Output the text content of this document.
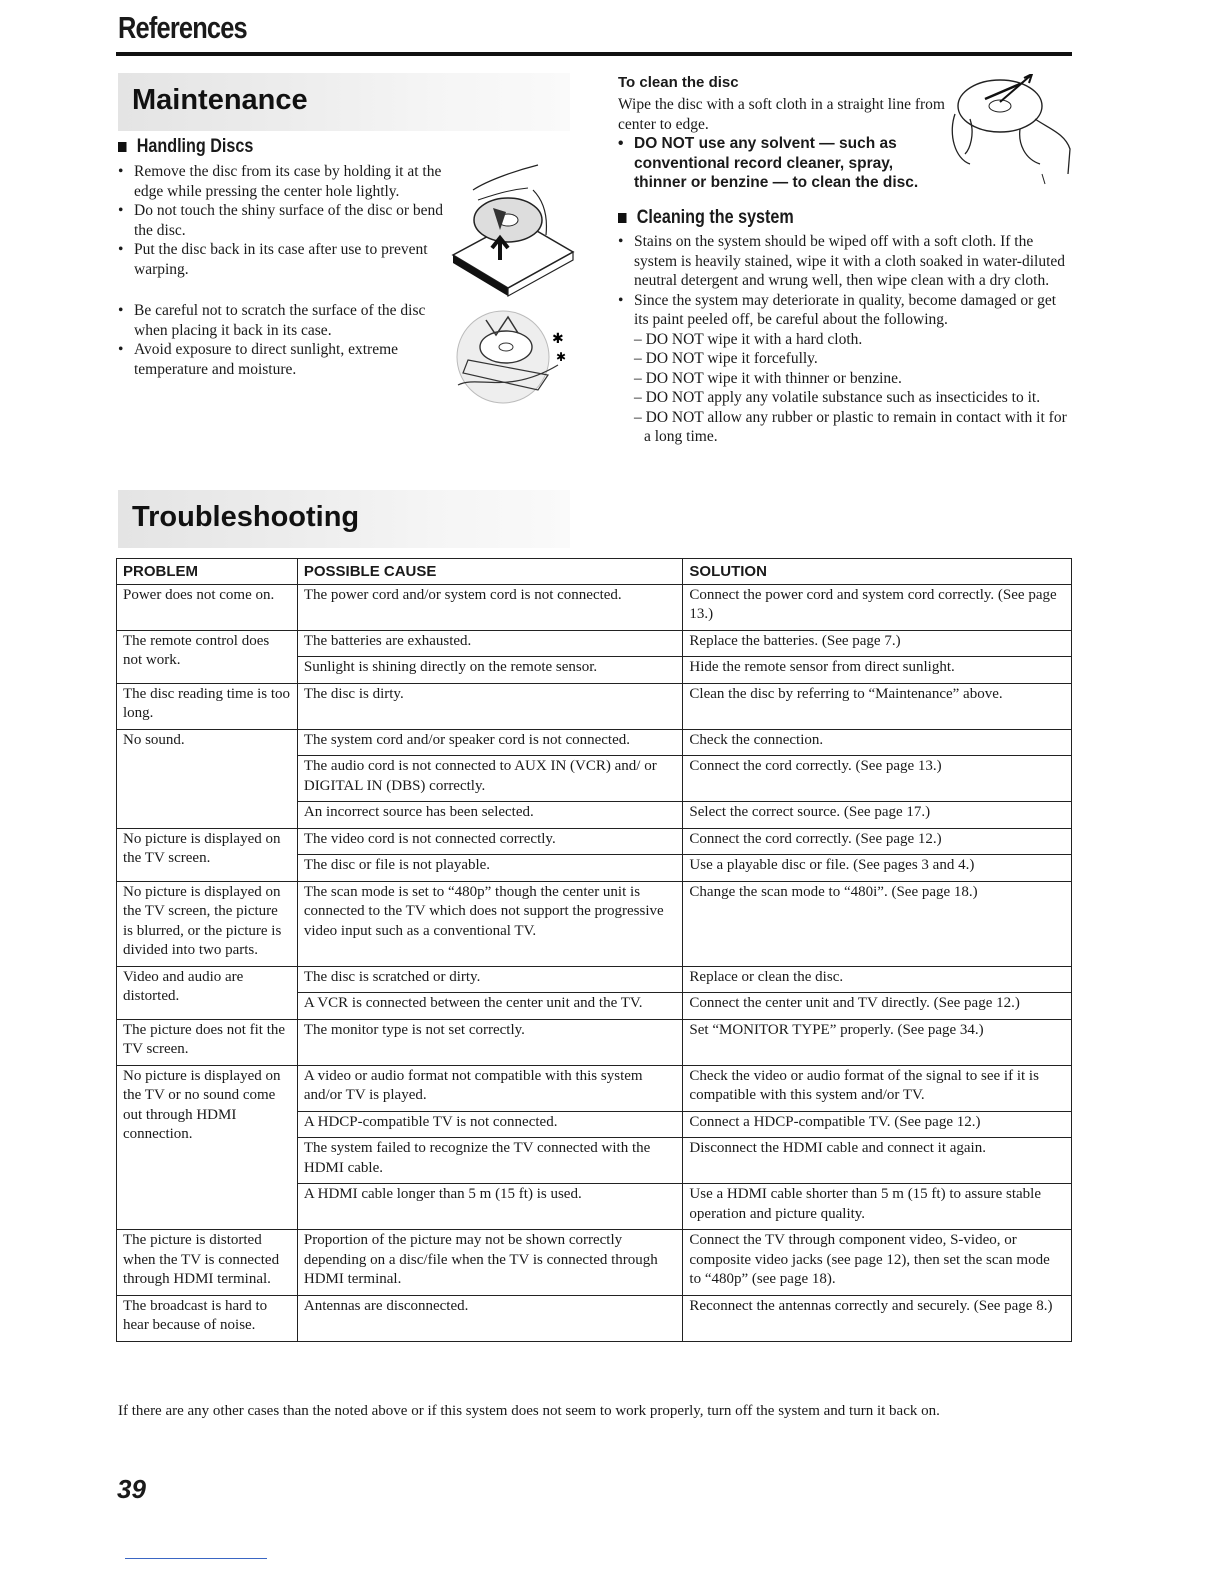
References
Maintenance
Handling Discs
• Remove the disc from its case by holding it at the edge while pressing the center hole lightly.
• Do not touch the shiny surface of the disc or bend the disc.
• Put the disc back in its case after use to prevent warping.
• Be careful not to scratch the surface of the disc when placing it back in its case.
• Avoid exposure to direct sunlight, extreme temperature and moisture.
✱
✱
To clean the disc
Wipe the disc with a soft cloth in a straight line from center to edge.
• DO NOT use any solvent — such as conventional record cleaner, spray, thinner or benzine — to clean the disc.
Cleaning the system
• Stains on the system should be wiped off with a soft cloth. If the system is heavily stained, wipe it with a cloth soaked in water-diluted neutral detergent and wrung well, then wipe clean with a dry cloth.
• Since the system may deteriorate in quality, become damaged or get its paint peeled off, be careful about the following.
– DO NOT wipe it with a hard cloth.
– DO NOT wipe it forcefully.
– DO NOT wipe it with thinner or benzine.
– DO NOT apply any volatile substance such as insecticides to it.
– DO NOT allow any rubber or plastic to remain in contact with it for a long time.
Troubleshooting
PROBLEM	POSSIBLE CAUSE	SOLUTION
Power does not come on.	The power cord and/or system cord is not connected.	Connect the power cord and system cord correctly. (See page 13.)
The remote control does not work.	The batteries are exhausted.	Replace the batteries. (See page 7.)
	Sunlight is shining directly on the remote sensor.	Hide the remote sensor from direct sunlight.
The disc reading time is too long.	The disc is dirty.	Clean the disc by referring to “Maintenance” above.
No sound.	The system cord and/or speaker cord is not connected.	Check the connection.
	The audio cord is not connected to AUX IN (VCR) and/ or DIGITAL IN (DBS) correctly.	Connect the cord correctly. (See page 13.)
	An incorrect source has been selected.	Select the correct source. (See page 17.)
No picture is displayed on the TV screen.	The video cord is not connected correctly.	Connect the cord correctly. (See page 12.)
	The disc or file is not playable.	Use a playable disc or file. (See pages 3 and 4.)
No picture is displayed on the TV screen, the picture is blurred, or the picture is divided into two parts.	The scan mode is set to “480p” though the center unit is connected to the TV which does not support the progressive video input such as a conventional TV.	Change the scan mode to “480i”. (See page 18.)
Video and audio are distorted.	The disc is scratched or dirty.	Replace or clean the disc.
	A VCR is connected between the center unit and the TV.	Connect the center unit and TV directly. (See page 12.)
The picture does not fit the TV screen.	The monitor type is not set correctly.	Set “MONITOR TYPE” properly. (See page 34.)
No picture is displayed on the TV or no sound come out through HDMI connection.	A video or audio format not compatible with this system and/or TV is played.	Check the video or audio format of the signal to see if it is compatible with this system and/or TV.
	A HDCP-compatible TV is not connected.	Connect a HDCP-compatible TV. (See page 12.)
	The system failed to recognize the TV connected with the HDMI cable.	Disconnect the HDMI cable and connect it again.
	A HDMI cable longer than 5 m (15 ft) is used.	Use a HDMI cable shorter than 5 m (15 ft) to assure stable operation and picture quality.
The picture is distorted when the TV is connected through HDMI terminal.	Proportion of the picture may not be shown correctly depending on a disc/file when the TV is connected through HDMI terminal.	Connect the TV through component video, S-video, or composite video jacks (see page 12), then set the scan mode to “480p” (see page 18).
The broadcast is hard to hear because of noise.	Antennas are disconnected.	Reconnect the antennas correctly and securely. (See page 8.)
If there are any other cases than the noted above or if this system does not seem to work properly, turn off the system and turn it back on.
39
